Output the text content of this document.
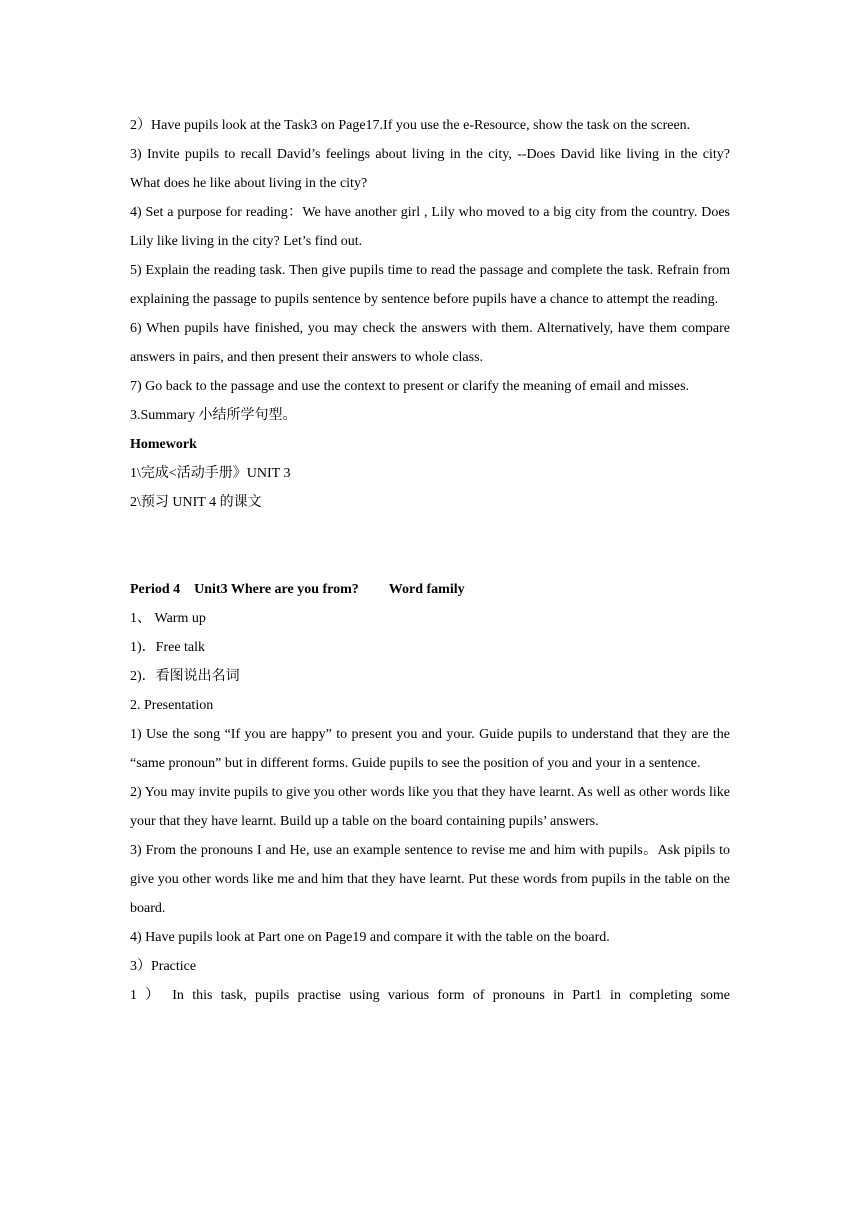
2）Have pupils look at the Task3 on Page17.If you use the e-Resource, show the task on the screen.

3) Invite pupils to recall David’s feelings about living in the city, --Does David like living in the city? What does he like about living in the city?

4) Set a purpose for reading：We have another girl , Lily who moved to a big city from the country. Does Lily like living in the city? Let’s find out.

5) Explain the reading task. Then give pupils time to read the passage and complete the task. Refrain from explaining the passage to pupils sentence by sentence before pupils have a chance to attempt the reading.

6) When pupils have finished, you may check the answers with them. Alternatively, have them compare answers in pairs, and then present their answers to whole class.

7) Go back to the passage and use the context to present or clarify the meaning of email and misses.

3.Summary 小结所学句型。

Homework

1\完成<活动手册》UNIT 3

2\预习 UNIT 4 的课文

Period 4 Unit3 Where are you from? Word family

1、 Warm up

1)．Free talk

2)．看图说出名词

2. Presentation

1) Use the song “If you are happy” to present you and your. Guide pupils to understand that they are the “same pronoun” but in different forms. Guide pupils to see the position of you and your in a sentence.

2) You may invite pupils to give you other words like you that they have learnt. As well as other words like your that they have learnt. Build up a table on the board containing pupils’ answers.

3) From the pronouns I and He, use an example sentence to revise me and him with pupils。Ask pipils to give you other words like me and him that they have learnt. Put these words from pupils in the table on the board.

4) Have pupils look at Part one on Page19 and compare it with the table on the board.

3）Practice

1 ） In this task, pupils practise using various form of pronouns in Part1 in completing some
